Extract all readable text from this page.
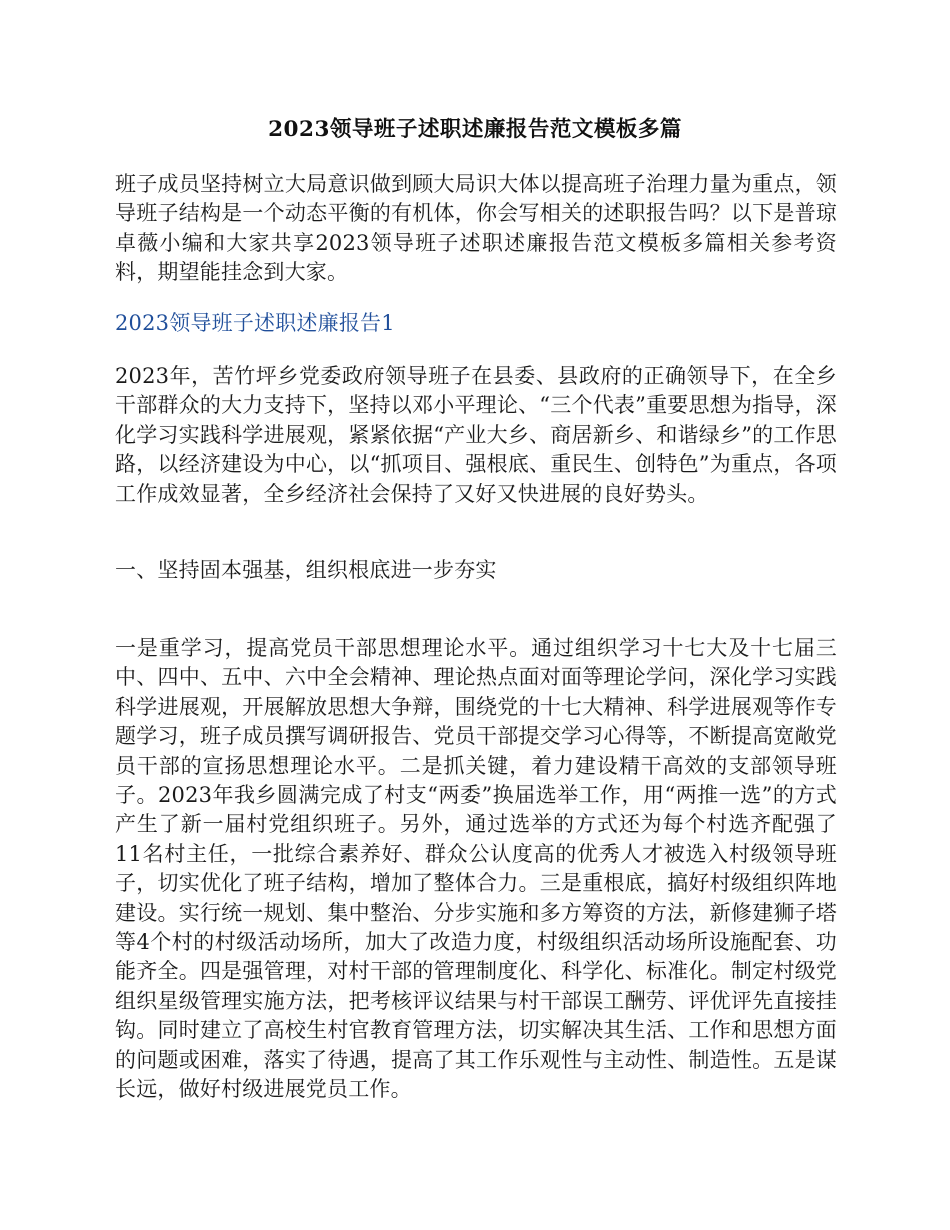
2023领导班子述职述廉报告范文模板多篇

班子成员坚持树立大局意识做到顾大局识大体以提高班子治理力量为重点，领导班子结构是一个动态平衡的有机体，你会写相关的述职报告吗？以下是普琼卓薇小编和大家共享2023领导班子述职述廉报告范文模板多篇相关参考资料，期望能挂念到大家。

2023领导班子述职述廉报告1

2023年，苦竹坪乡党委政府领导班子在县委、县政府的正确领导下，在全乡干部群众的大力支持下，坚持以邓小平理论、“三个代表”重要思想为指导，深化学习实践科学进展观，紧紧依据“产业大乡、商居新乡、和谐绿乡”的工作思路，以经济建设为中心，以“抓项目、强根底、重民生、创特色”为重点，各项工作成效显著，全乡经济社会保持了又好又快进展的良好势头。

一、坚持固本强基，组织根底进一步夯实

一是重学习，提高党员干部思想理论水平。通过组织学习十七大及十七届三中、四中、五中、六中全会精神、理论热点面对面等理论学问，深化学习实践科学进展观，开展解放思想大争辩，围绕党的十七大精神、科学进展观等作专题学习，班子成员撰写调研报告、党员干部提交学习心得等，不断提高宽敞党员干部的宣扬思想理论水平。二是抓关键，着力建设精干高效的支部领导班子。2023年我乡圆满完成了村支“两委”换届选举工作，用“两推一选”的方式产生了新一届村党组织班子。另外，通过选举的方式还为每个村选齐配强了11名村主任，一批综合素养好、群众公认度高的优秀人才被选入村级领导班子，切实优化了班子结构，增加了整体合力。三是重根底，搞好村级组织阵地建设。实行统一规划、集中整治、分步实施和多方筹资的方法，新修建狮子塔等4个村的村级活动场所，加大了改造力度，村级组织活动场所设施配套、功能齐全。四是强管理，对村干部的管理制度化、科学化、标准化。制定村级党组织星级管理实施方法，把考核评议结果与村干部误工酬劳、评优评先直接挂钩。同时建立了高校生村官教育管理方法，切实解决其生活、工作和思想方面的问题或困难，落实了待遇，提高了其工作乐观性与主动性、制造性。五是谋长远，做好村级进展党员工作。
